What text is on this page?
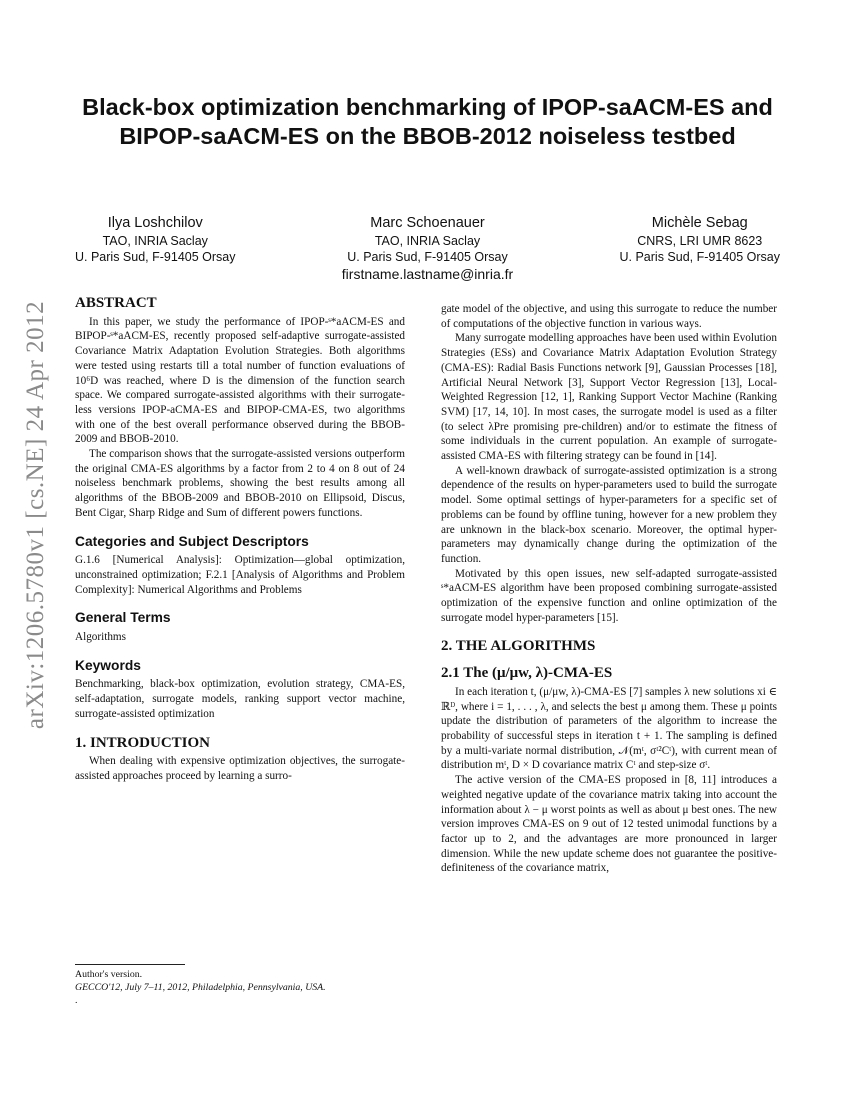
arXiv:1206.5780v1 [cs.NE] 24 Apr 2012
Black-box optimization benchmarking of IPOP-saACM-ES and BIPOP-saACM-ES on the BBOB-2012 noiseless testbed
Ilya Loshchilov
TAO, INRIA Saclay
U. Paris Sud, F-91405 Orsay
Marc Schoenauer
TAO, INRIA Saclay
U. Paris Sud, F-91405 Orsay
firstname.lastname@inria.fr
Michèle Sebag
CNRS, LRI UMR 8623
U. Paris Sud, F-91405 Orsay
ABSTRACT

In this paper, we study the performance of IPOP-ˢ*aACM-ES and BIPOP-ˢ*aACM-ES, recently proposed self-adaptive surrogate-assisted Covariance Matrix Adaptation Evolution Strategies. Both algorithms were tested using restarts till a total number of function evaluations of 10⁶D was reached, where D is the dimension of the function search space. We compared surrogate-assisted algorithms with their surrogate-less versions IPOP-aCMA-ES and BIPOP-CMA-ES, two algorithms with one of the best overall performance observed during the BBOB-2009 and BBOB-2010.

The comparison shows that the surrogate-assisted versions outperform the original CMA-ES algorithms by a factor from 2 to 4 on 8 out of 24 noiseless benchmark problems, showing the best results among all algorithms of the BBOB-2009 and BBOB-2010 on Ellipsoid, Discus, Bent Cigar, Sharp Ridge and Sum of different powers functions.

Categories and Subject Descriptors

G.1.6 [Numerical Analysis]: Optimization—global optimization, unconstrained optimization; F.2.1 [Analysis of Algorithms and Problem Complexity]: Numerical Algorithms and Problems

General Terms

Algorithms

Keywords

Benchmarking, black-box optimization, evolution strategy, CMA-ES, self-adaptation, surrogate models, ranking support vector machine, surrogate-assisted optimization

1. INTRODUCTION

When dealing with expensive optimization objectives, the surrogate-assisted approaches proceed by learning a surro-

gate model of the objective, and using this surrogate to reduce the number of computations of the objective function in various ways.

Many surrogate modelling approaches have been used within Evolution Strategies (ESs) and Covariance Matrix Adaptation Evolution Strategy (CMA-ES): Radial Basis Functions network [9], Gaussian Processes [18], Artificial Neural Network [3], Support Vector Regression [13], Local-Weighted Regression [12, 1], Ranking Support Vector Machine (Ranking SVM) [17, 14, 10]. In most cases, the surrogate model is used as a filter (to select λPre promising pre-children) and/or to estimate the fitness of some individuals in the current population. An example of surrogate-assisted CMA-ES with filtering strategy can be found in [14].

A well-known drawback of surrogate-assisted optimization is a strong dependence of the results on hyper-parameters used to build the surrogate model. Some optimal settings of hyper-parameters for a specific set of problems can be found by offline tuning, however for a new problem they are unknown in the black-box scenario. Moreover, the optimal hyper-parameters may dynamically change during the optimization of the function.

Motivated by this open issues, new self-adapted surrogate-assisted ˢ*aACM-ES algorithm have been proposed combining surrogate-assisted optimization of the expensive function and online optimization of the surrogate model hyper-parameters [15].

2. THE ALGORITHMS
2.1 The (μ/μw, λ)-CMA-ES

In each iteration t, (μ/μw, λ)-CMA-ES [7] samples λ new solutions xi ∈ ℝᴰ, where i = 1, . . . , λ, and selects the best μ among them. These μ points update the distribution of parameters of the algorithm to increase the probability of successful steps in iteration t + 1. The sampling is defined by a multi-variate normal distribution, 𝒩(mᵗ, σᵗ²Cᵗ), with current mean of distribution mᵗ, D × D covariance matrix Cᵗ and step-size σᵗ.

The active version of the CMA-ES proposed in [8, 11] introduces a weighted negative update of the covariance matrix taking into account the information about λ − μ worst points as well as about μ best ones. The new version improves CMA-ES on 9 out of 12 tested unimodal functions by a factor up to 2, and the advantages are more pronounced in larger dimension. While the new update scheme does not guarantee the positive-definiteness of the covariance matrix,

Author's version.
GECCO'12, July 7–11, 2012, Philadelphia, Pennsylvania, USA.
.
